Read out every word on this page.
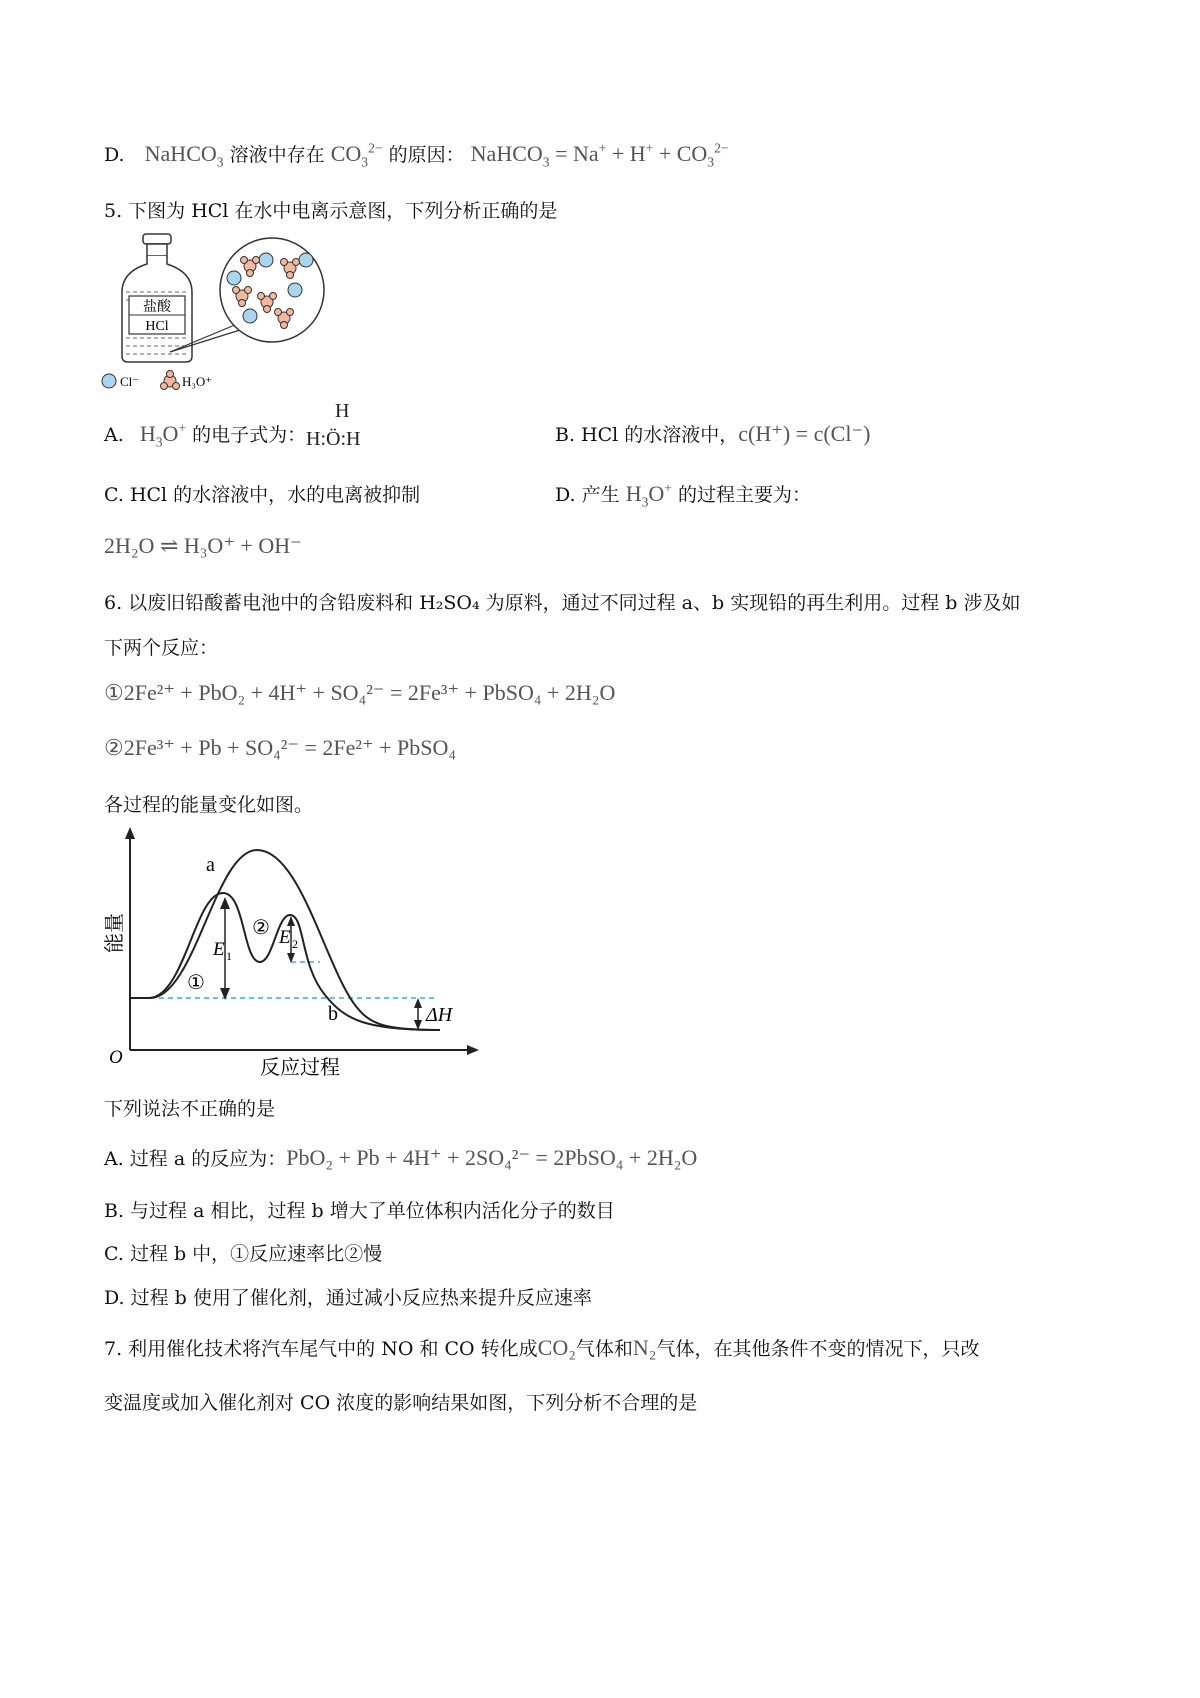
D. NaHCO$_3$ 溶液中存在 $CO_3^{2-}$ 的原因： NaHCO$_3$ = $Na^+ + H^+ + CO_3^{2-}$
5. 下图为 HCl 在水中电离示意图，下列分析正确的是
盐酸
HCl
Cl⁻	H₃O⁺
A. $H_3O^+$ 的电子式为：
H
H:Ö:H	B. HCl 的水溶液中，c(H⁺) = c(Cl⁻)
C. HCl 的水溶液中，水的电离被抑制	D. 产生 $H_3O^+$ 的过程主要为：
2H₂O ⇌ H₃O⁺ + OH⁻
6. 以废旧铅酸蓄电池中的含铅废料和 H₂SO₄ 为原料，通过不同过程 a、b 实现铅的再生利用。过程 b 涉及如
下两个反应：
①2Fe²⁺ + PbO₂ + 4H⁺ + SO₄²⁻ = 2Fe³⁺ + PbSO₄ + 2H₂O
②2Fe³⁺ + Pb + SO₄²⁻ = 2Fe²⁺ + PbSO₄
各过程的能量变化如图。
O	反应过程
能量	E 1
E 2
a
b
①
②
ΔH
下列说法不正确的是
A. 过程 a 的反应为：PbO₂ + Pb + 4H⁺ + 2SO₄²⁻ = 2PbSO₄ + 2H₂O
B. 与过程 a 相比，过程 b 增大了单位体积内活化分子的数目
C. 过程 b 中，①反应速率比②慢
D. 过程 b 使用了催化剂，通过减小反应热来提升反应速率
7. 利用催化技术将汽车尾气中的 NO 和 CO 转化成CO₂气体和N₂气体，在其他条件不变的情况下，只改
变温度或加入催化剂对 CO 浓度的影响结果如图，下列分析不合理的是
